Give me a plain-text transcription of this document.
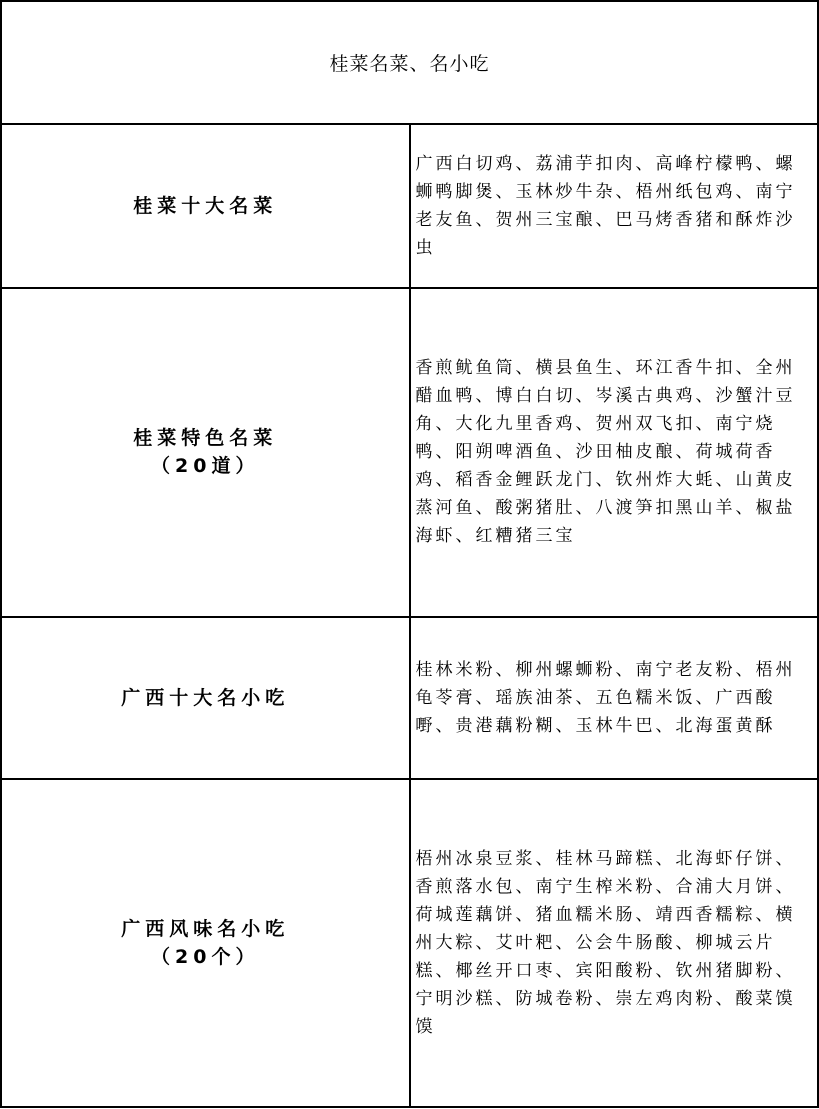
桂菜名菜、名小吃	
桂菜十大名菜	广西白切鸡、荔浦芋扣肉、高峰柠檬鸭、螺蛳鸭脚煲、玉林炒牛杂、梧州纸包鸡、南宁老友鱼、贺州三宝酿、巴马烤香猪和酥炸沙虫
桂菜特色名菜
（20道）	香煎鱿鱼筒、横县鱼生、环江香牛扣、全州醋血鸭、博白白切、岑溪古典鸡、沙蟹汁豆角、大化九里香鸡、贺州双飞扣、南宁烧鸭、阳朔啤酒鱼、沙田柚皮酿、荷城荷香鸡、稻香金鲤跃龙门、钦州炸大蚝、山黄皮蒸河鱼、酸粥猪肚、八渡笋扣黑山羊、椒盐海虾、红糟猪三宝
广西十大名小吃	桂林米粉、柳州螺蛳粉、南宁老友粉、梧州龟苓膏、瑶族油茶、五色糯米饭、广西酸嘢、贵港藕粉糊、玉林牛巴、北海蛋黄酥
广西风味名小吃
（20个）	梧州冰泉豆浆、桂林马蹄糕、北海虾仔饼、香煎落水包、南宁生榨米粉、合浦大月饼、荷城莲藕饼、猪血糯米肠、靖西香糯粽、横州大粽、艾叶粑、公会牛肠酸、柳城云片糕、椰丝开口枣、宾阳酸粉、钦州猪脚粉、宁明沙糕、防城卷粉、崇左鸡肉粉、酸菜馍馍
